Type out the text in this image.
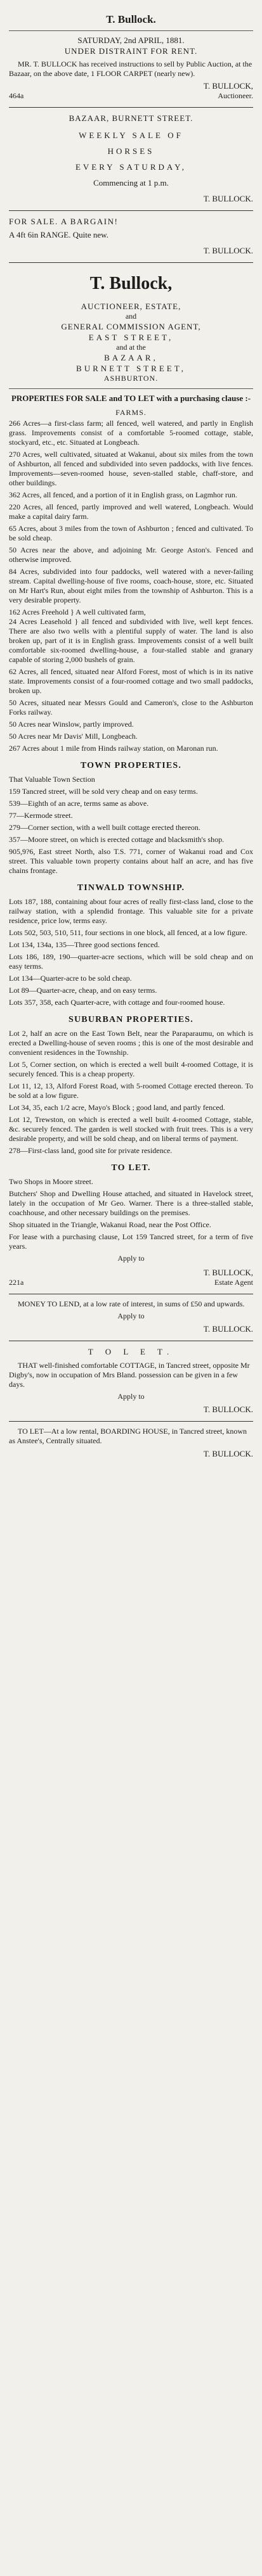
T. Bullock.
SATURDAY, 2nd APRIL, 1881.
UNDER DISTRAINT FOR RENT.

MR. T. BULLOCK has received instructions to sell by Public Auction, at the Bazaar, on the above date, 1 FLOOR CARPET (nearly new).

T. BULLOCK,
464a	Auctioneer.
BAZAAR, BURNETT STREET.
WEEKLY SALE OF
HORSES
EVERY SATURDAY,
Commencing at 1 p.m.
T. BULLOCK.
FOR SALE. A BARGAIN!
A 4ft 6in RANGE. Quite new.
T. BULLOCK.
T. Bullock,
AUCTIONEER, ESTATE,
and
GENERAL COMMISSION AGENT,
EAST STREET,
and at the
BAZAAR,
BURNETT STREET,
ASHBURTON.
PROPERTIES FOR SALE and TO LET with a purchasing clause :-
FARMS.
266 Acres—a first-class farm; all fenced, well watered, and partly in English grass. Improvements consist of a comfortable 5-roomed cottage, stable, stockyard, etc., etc. Situated at Longbeach.
270 Acres, well cultivated, situated at Wakanui, about six miles from the town of Ashburton, all fenced and subdivided into seven paddocks, with live fences. Improvements—seven-roomed house, seven-stalled stable, chaff-store, and other buildings.
362 Acres, all fenced, and a portion of it in English grass, on Lagmhor run.
220 Acres, all fenced, partly improved and well watered, Longbeach. Would make a capital dairy farm.
65 Acres, about 3 miles from the town of Ashburton ; fenced and cultivated. To be sold cheap.
50 Acres near the above, and adjoining Mr. George Aston's. Fenced and otherwise improved.
84 Acres, subdivided into four paddocks, well watered with a never-failing stream. Capital dwelling-house of five rooms, coach-house, store, etc. Situated on Mr Hart's Run, about eight miles from the township of Ashburton. This is a very desirable property.
162 Acres Freehold } A well cultivated farm,
24 Acres Leasehold } all fenced and subdivided with live, well kept fences. There are also two wells with a plentiful supply of water. The land is also broken up, part of it is in English grass. Improvements consist of a well built comfortable six-roomed dwelling-house, a four-stalled stable and granary capable of storing 2,000 bushels of grain.
62 Acres, all fenced, situated near Alford Forest, most of which is in its native state. Improvements consist of a four-roomed cottage and two small paddocks, broken up.
50 Acres, situated near Messrs Gould and Cameron's, close to the Ashburton Forks railway.
50 Acres near Winslow, partly improved.
50 Acres near Mr Davis' Mill, Longbeach.
267 Acres about 1 mile from Hinds railway station, on Maronan run.
TOWN PROPERTIES.
That Valuable Town Section
159 Tancred street, will be sold very cheap and on easy terms.
539—Eighth of an acre, terms same as above.
77—Kermode street.
279—Corner section, with a well built cottage erected thereon.
357—Moore street, on which is erected cottage and blacksmith's shop.
905,9?6, East street North, also T.S. 771, corner of Wakanui road and Cox street. This valuable town property contains about half an acre, and has five chains frontage.
TINWALD TOWNSHIP.
Lots 187, 188, containing about four acres of really first-class land, close to the railway station, with a splendid frontage. This valuable site for a private residence, price low, terms easy.
Lots 502, 503, 510, 511, four sections in one block, all fenced, at a low figure.
Lot 134, 134a, 135—Three good sections fenced.
Lots 186, 189, 190—quarter-acre sections, which will be sold cheap and on easy terms.
Lot 134—Quarter-acre to be sold cheap.
Lot 89—Quarter-acre, cheap, and on easy terms.
Lots 357, 358, each Quarter-acre, with cottage and four-roomed house.
SUBURBAN PROPERTIES.
Lot 2, half an acre on the East Town Belt, near the Paraparaumu, on which is erected a Dwelling-house of seven rooms ; this is one of the most desirable and convenient residences in the Township.
Lot 5, Corner section, on which is erected a well built 4-roomed Cottage, it is securely fenced. This is a cheap property.
Lot 11, 12, 13, Alford Forest Road, with 5-roomed Cottage erected thereon. To be sold at a low figure.
Lot 34, 35, each 1/2 acre, Mayo's Block ; good land, and partly fenced.
Lot 12, Trewston, on which is erected a well built 4-roomed Cottage, stable, &c. securely fenced. The garden is well stocked with fruit trees. This is a very desirable property, and will be sold cheap, and on liberal terms of payment.
278—First-class land, good site for private residence.
TO LET.
Two Shops in Moore street.
Butchers' Shop and Dwelling House attached, and situated in Havelock street, lately in the occupation of Mr Geo. Warner. There is a three-stalled stable, coachhouse, and other necessary buildings on the premises.
Shop situated in the Triangle, Wakanui Road, near the Post Office.
For lease with a purchasing clause, Lot 159 Tancred street, for a term of five years.
Apply to
T. BULLOCK,
221a	Estate Agent

MONEY TO LEND, at a low rate of interest, in sums of £50 and upwards.

Apply to
T. BULLOCK.
T O L E T.

THAT well-finished comfortable COTTAGE, in Tancred street, opposite Mr Digby's, now in occupation of Mrs Bland. possession can be given in a few days.

Apply to
T. BULLOCK.

TO LET—At a low rental, BOARDING HOUSE, in Tancred street, known as Anstee's, Centrally situated.

T. BULLOCK.
